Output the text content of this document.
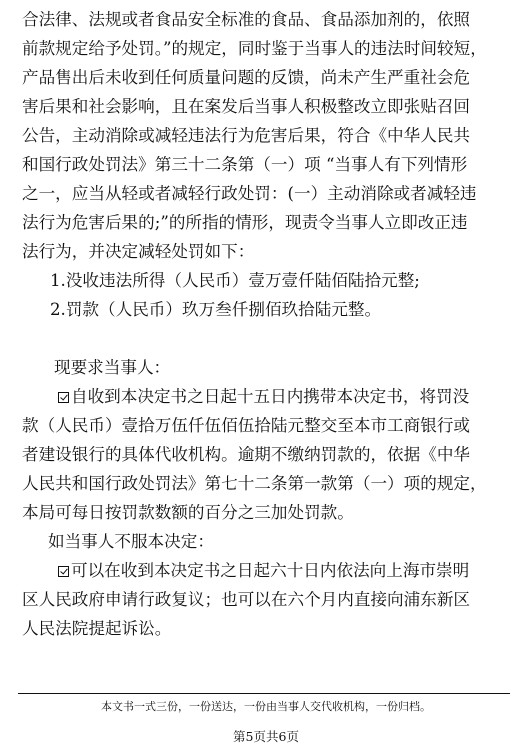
合法律、法规或者食品安全标准的食品、食品添加剂的，依照
前款规定给予处罚。”的规定，同时鉴于当事人的违法时间较短，
产品售出后未收到任何质量问题的反馈，尚未产生严重社会危
害后果和社会影响，且在案发后当事人积极整改立即张贴召回
公告，主动消除或减轻违法行为危害后果，符合《中华人民共
和国行政处罚法》第三十二条第（一）项 “当事人有下列情形
之一，应当从轻或者减轻行政处罚：(一）主动消除或者减轻违
法行为危害后果的;”的所指的情形，现责令当事人立即改正违
法行为，并决定减轻处罚如下：
1.没收违法所得（人民币）壹万壹仟陆佰陆拾元整;
2.罚款（人民币）玖万叁仟捌佰玖拾陆元整。
现要求当事人：
自收到本决定书之日起十五日内携带本决定书，将罚没
款（人民币）壹拾万伍仟伍佰伍拾陆元整交至本市工商银行或
者建设银行的具体代收机构。逾期不缴纳罚款的，依据《中华
人民共和国行政处罚法》第七十二条第一款第（一）项的规定，
本局可每日按罚款数额的百分之三加处罚款。
如当事人不服本决定：
可以在收到本决定书之日起六十日内依法向上海市崇明
区人民政府申请行政复议；也可以在六个月内直接向浦东新区
人民法院提起诉讼。
本文书一式三份，一份送达，一份由当事人交代收机构，一份归档。
第5页共6页
